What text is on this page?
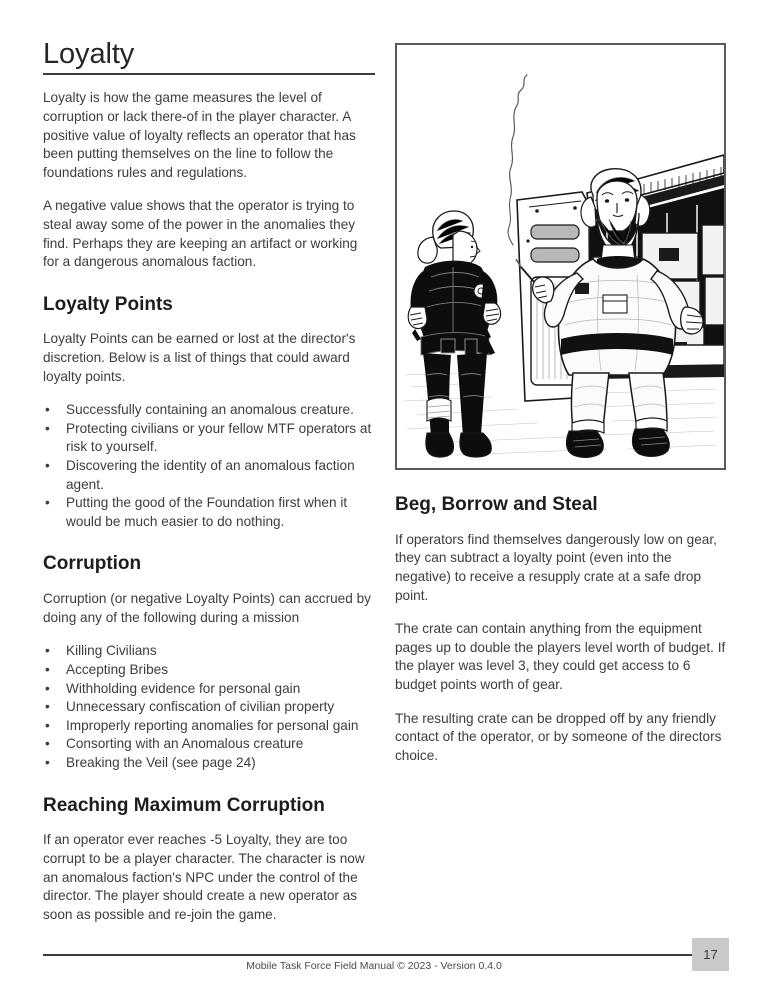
Loyalty

Loyalty is how the game measures the level of corruption or lack there-of in the player character. A positive value of loyalty reflects an operator that has been putting themselves on the line to follow the foundations rules and regulations.

A negative value shows that the operator is trying to steal away some of the power in the anomalies they find. Perhaps they are keeping an artifact or working for a dangerous anomalous faction.

Loyalty Points

Loyalty Points can be earned or lost at the director's discretion. Below is a list of things that could award loyalty points.

• Successfully containing an anomalous creature.
• Protecting civilians or your fellow MTF operators at risk to yourself.
• Discovering the identity of an anomalous faction agent.
• Putting the good of the Foundation first when it would be much easier to do nothing.
Corruption

Corruption (or negative Loyalty Points) can accrued by doing any of the following during a mission

• Killing Civilians
• Accepting Bribes
• Withholding evidence for personal gain
• Unnecessary confiscation of civilian property
• Improperly reporting anomalies for personal gain
• Consorting with an Anomalous creature
• Breaking the Veil (see page 24)
Reaching Maximum Corruption

If an operator ever reaches -5 Loyalty, they are too corrupt to be a player character. The character is now an anomalous faction's NPC under the control of the director. The player should create a new operator as soon as possible and re-join the game.

Beg, Borrow and Steal

If operators find themselves dangerously low on gear, they can subtract a loyalty point (even into the negative) to receive a resupply crate at a safe drop point.

The crate can contain anything from the equipment pages up to double the players level worth of budget. If the player was level 3, they could get access to 6 budget points worth of gear.

The resulting crate can be dropped off by any friendly contact of the operator, or by someone of the directors choice.

Mobile Task Force Field Manual © 2023 - Version 0.4.0
17
